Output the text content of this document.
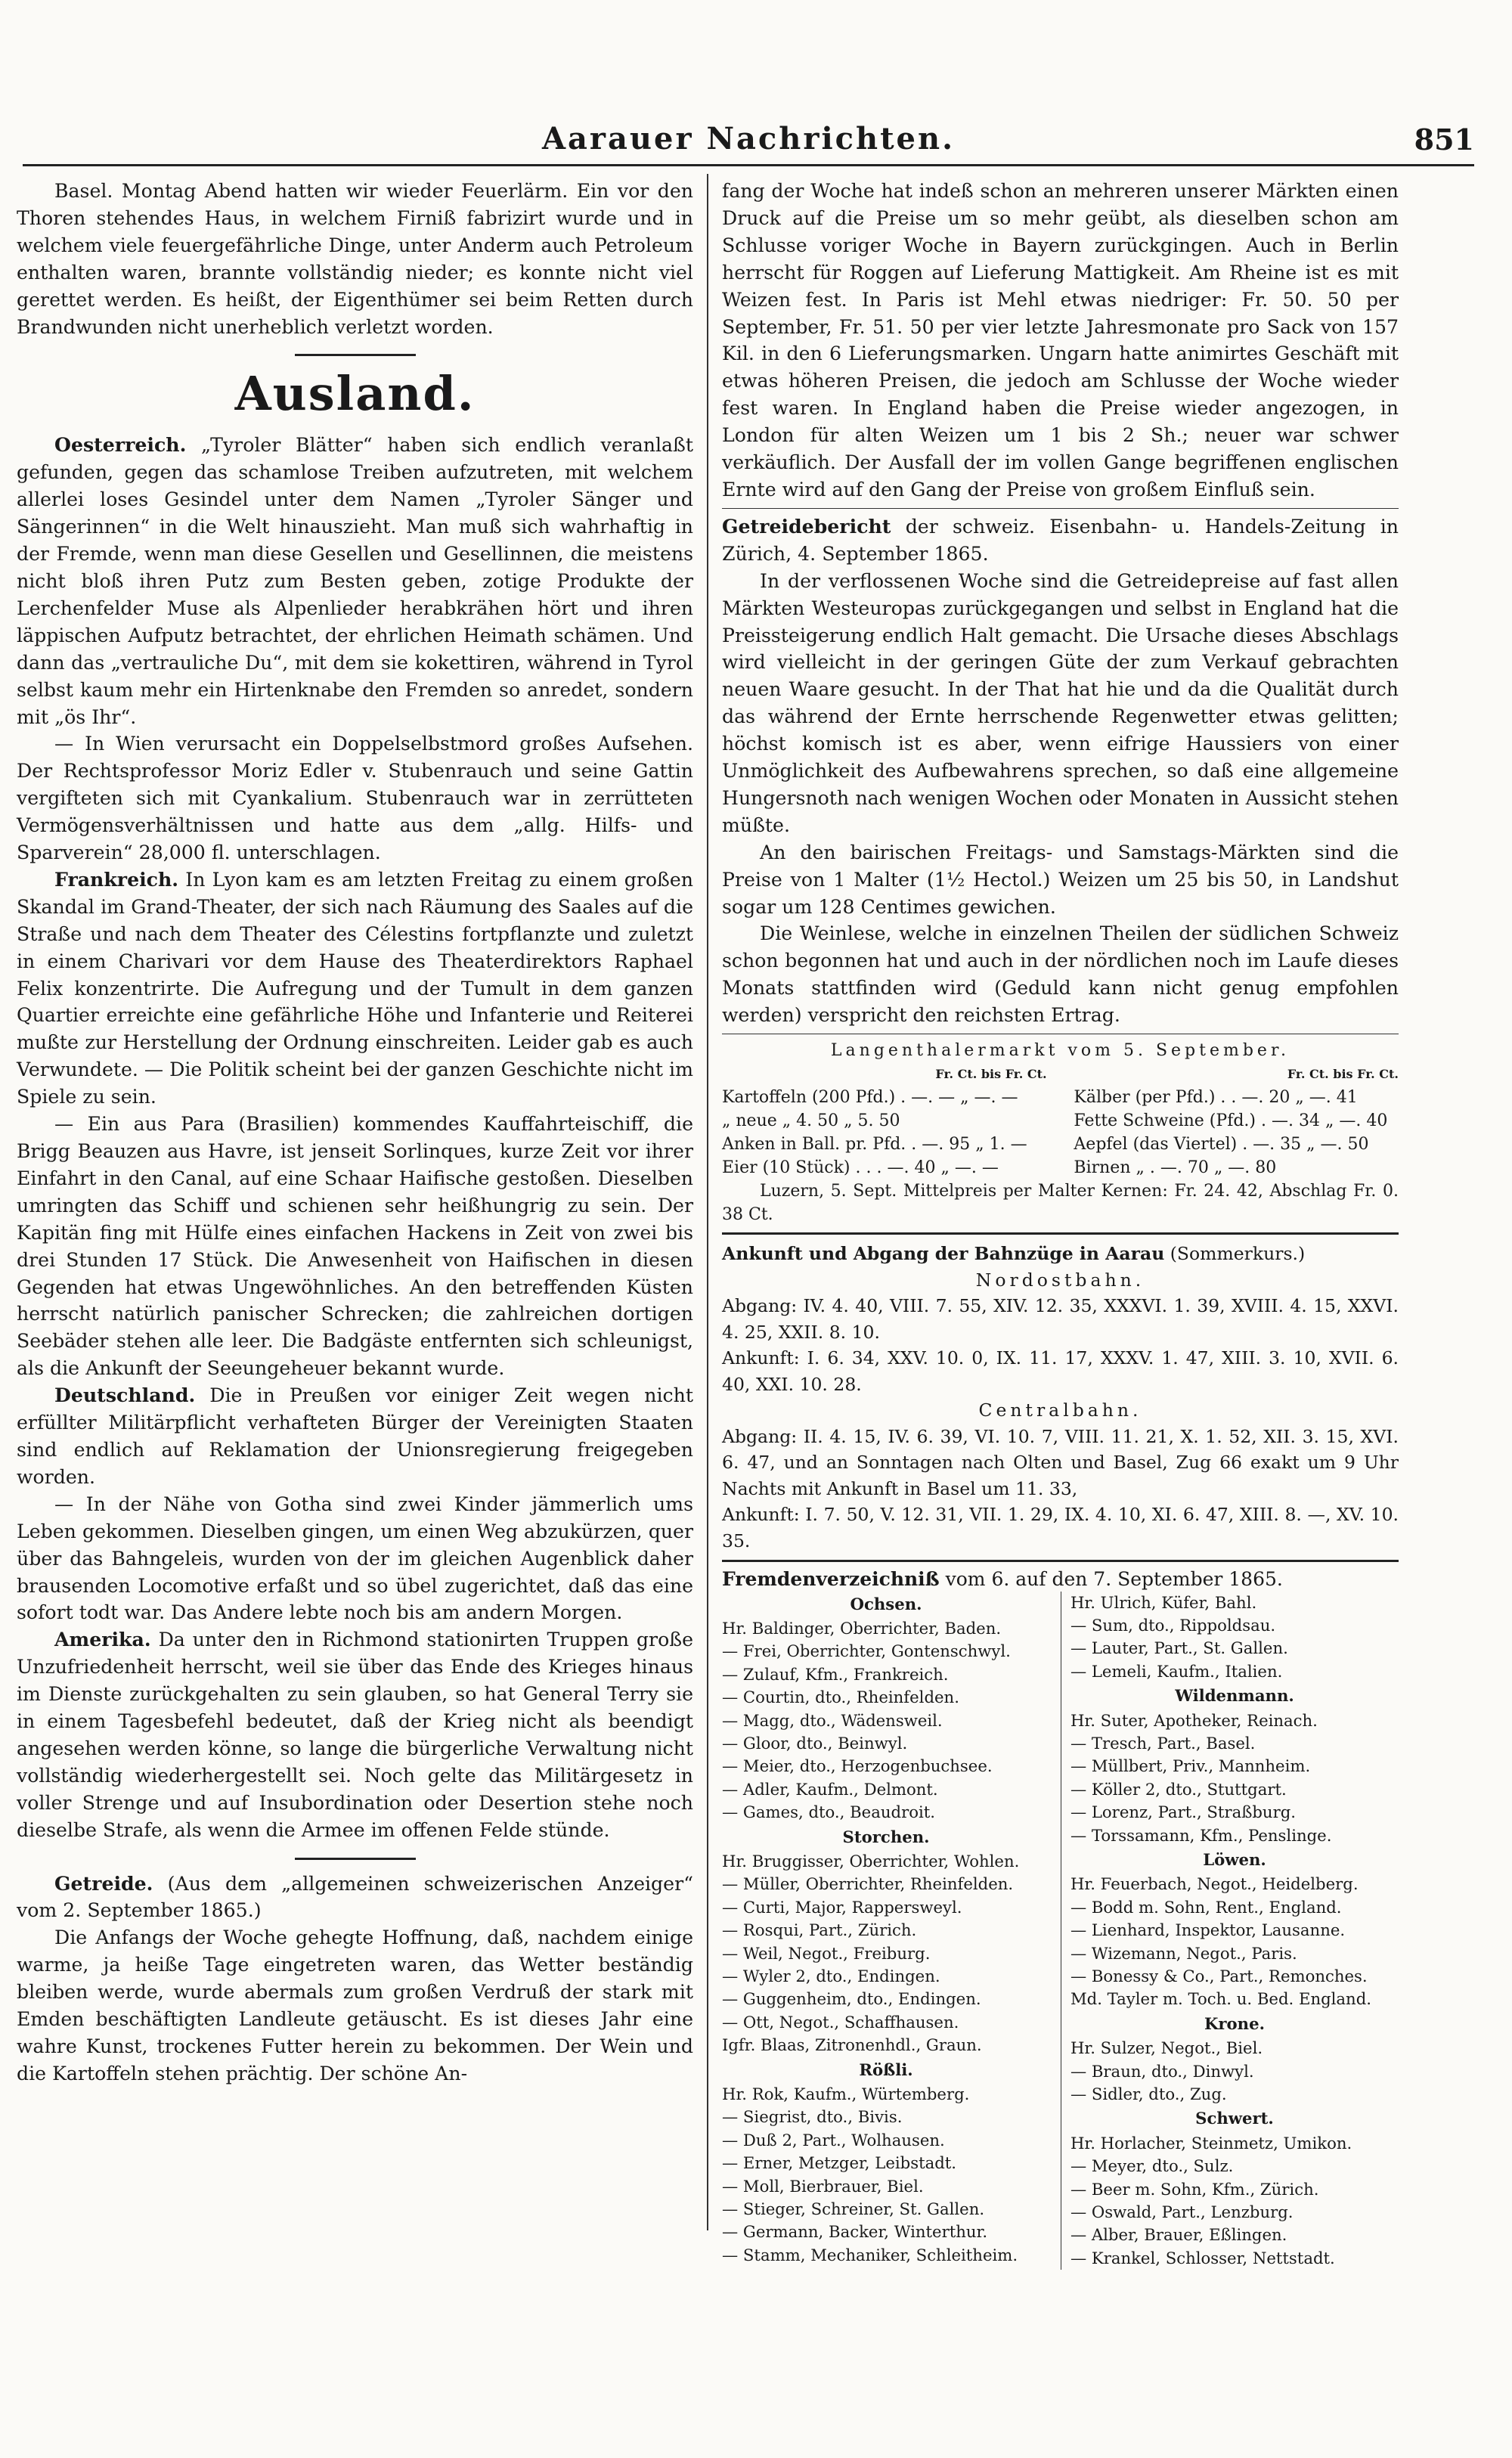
Aarauer Nachrichten.	851

Basel. Montag Abend hatten wir wieder Feuerlärm. Ein vor den Thoren stehendes Haus, in welchem Firniß fabrizirt wurde und in welchem viele feuergefährliche Dinge, unter Anderm auch Petroleum enthalten waren, brannte vollständig nieder; es konnte nicht viel gerettet werden. Es heißt, der Eigenthümer sei beim Retten durch Brandwunden nicht unerheblich verletzt worden.

Ausland.

Oesterreich. „Tyroler Blätter“ haben sich endlich veranlaßt gefunden, gegen das schamlose Treiben aufzutreten, mit welchem allerlei loses Gesindel unter dem Namen „Tyroler Sänger und Sängerinnen“ in die Welt hinauszieht. Man muß sich wahrhaftig in der Fremde, wenn man diese Gesellen und Gesellinnen, die meistens nicht bloß ihren Putz zum Besten geben, zotige Produkte der Lerchenfelder Muse als Alpenlieder herabkrähen hört und ihren läppischen Aufputz betrachtet, der ehrlichen Heimath schämen. Und dann das „vertrauliche Du“, mit dem sie kokettiren, während in Tyrol selbst kaum mehr ein Hirtenknabe den Fremden so anredet, sondern mit „ös Ihr“.

— In Wien verursacht ein Doppelselbstmord großes Aufsehen. Der Rechtsprofessor Moriz Edler v. Stubenrauch und seine Gattin vergifteten sich mit Cyankalium. Stubenrauch war in zerrütteten Vermögensverhältnissen und hatte aus dem „allg. Hilfs- und Sparverein“ 28,000 fl. unterschlagen.

Frankreich. In Lyon kam es am letzten Freitag zu einem großen Skandal im Grand-Theater, der sich nach Räumung des Saales auf die Straße und nach dem Theater des Célestins fortpflanzte und zuletzt in einem Charivari vor dem Hause des Theaterdirektors Raphael Felix konzentrirte. Die Aufregung und der Tumult in dem ganzen Quartier erreichte eine gefährliche Höhe und Infanterie und Reiterei mußte zur Herstellung der Ordnung einschreiten. Leider gab es auch Verwundete. — Die Politik scheint bei der ganzen Geschichte nicht im Spiele zu sein.

— Ein aus Para (Brasilien) kommendes Kauffahrteischiff, die Brigg Beauzen aus Havre, ist jenseit Sorlinques, kurze Zeit vor ihrer Einfahrt in den Canal, auf eine Schaar Haifische gestoßen. Dieselben umringten das Schiff und schienen sehr heißhungrig zu sein. Der Kapitän fing mit Hülfe eines einfachen Hackens in Zeit von zwei bis drei Stunden 17 Stück. Die Anwesenheit von Haifischen in diesen Gegenden hat etwas Ungewöhnliches. An den betreffenden Küsten herrscht natürlich panischer Schrecken; die zahlreichen dortigen Seebäder stehen alle leer. Die Badgäste entfernten sich schleunigst, als die Ankunft der Seeungeheuer bekannt wurde.

Deutschland. Die in Preußen vor einiger Zeit wegen nicht erfüllter Militärpflicht verhafteten Bürger der Vereinigten Staaten sind endlich auf Reklamation der Unionsregierung freigegeben worden.

— In der Nähe von Gotha sind zwei Kinder jämmerlich ums Leben gekommen. Dieselben gingen, um einen Weg abzukürzen, quer über das Bahngeleis, wurden von der im gleichen Augenblick daher brausenden Locomotive erfaßt und so übel zugerichtet, daß das eine sofort todt war. Das Andere lebte noch bis am andern Morgen.

Amerika. Da unter den in Richmond stationirten Truppen große Unzufriedenheit herrscht, weil sie über das Ende des Krieges hinaus im Dienste zurückgehalten zu sein glauben, so hat General Terry sie in einem Tagesbefehl bedeutet, daß der Krieg nicht als beendigt angesehen werden könne, so lange die bürgerliche Verwaltung nicht vollständig wiederhergestellt sei. Noch gelte das Militärgesetz in voller Strenge und auf Insubordination oder Desertion stehe noch dieselbe Strafe, als wenn die Armee im offenen Felde stünde.

Getreide. (Aus dem „allgemeinen schweizerischen Anzeiger“ vom 2. September 1865.)

Die Anfangs der Woche gehegte Hoffnung, daß, nachdem einige warme, ja heiße Tage eingetreten waren, das Wetter beständig bleiben werde, wurde abermals zum großen Verdruß der stark mit Emden beschäftigten Landleute getäuscht. Es ist dieses Jahr eine wahre Kunst, trockenes Futter herein zu bekommen. Der Wein und die Kartoffeln stehen prächtig. Der schöne An-

fang der Woche hat indeß schon an mehreren unserer Märkten einen Druck auf die Preise um so mehr geübt, als dieselben schon am Schlusse voriger Woche in Bayern zurückgingen. Auch in Berlin herrscht für Roggen auf Lieferung Mattigkeit. Am Rheine ist es mit Weizen fest. In Paris ist Mehl etwas niedriger: Fr. 50. 50 per September, Fr. 51. 50 per vier letzte Jahresmonate pro Sack von 157 Kil. in den 6 Lieferungsmarken. Ungarn hatte animirtes Geschäft mit etwas höheren Preisen, die jedoch am Schlusse der Woche wieder fest waren. In England haben die Preise wieder angezogen, in London für alten Weizen um 1 bis 2 Sh.; neuer war schwer verkäuflich. Der Ausfall der im vollen Gange begriffenen englischen Ernte wird auf den Gang der Preise von großem Einfluß sein.

Getreidebericht der schweiz. Eisenbahn- u. Handels-Zeitung in Zürich, 4. September 1865.

In der verflossenen Woche sind die Getreidepreise auf fast allen Märkten Westeuropas zurückgegangen und selbst in England hat die Preissteigerung endlich Halt gemacht. Die Ursache dieses Abschlags wird vielleicht in der geringen Güte der zum Verkauf gebrachten neuen Waare gesucht. In der That hat hie und da die Qualität durch das während der Ernte herrschende Regenwetter etwas gelitten; höchst komisch ist es aber, wenn eifrige Haussiers von einer Unmöglichkeit des Aufbewahrens sprechen, so daß eine allgemeine Hungersnoth nach wenigen Wochen oder Monaten in Aussicht stehen müßte.

An den bairischen Freitags- und Samstags-Märkten sind die Preise von 1 Malter (1½ Hectol.) Weizen um 25 bis 50, in Landshut sogar um 128 Centimes gewichen.

Die Weinlese, welche in einzelnen Theilen der südlichen Schweiz schon begonnen hat und auch in der nördlichen noch im Laufe dieses Monats stattfinden wird (Geduld kann nicht genug empfohlen werden) verspricht den reichsten Ertrag.

Langenthalermarkt vom 5. September.
Fr. Ct. bis Fr. Ct.	Fr. Ct. bis Fr. Ct.
Kartoffeln (200 Pfd.) . —. — „ —. —
„ neue „ 4. 50 „ 5. 50
Anken in Ball. pr. Pfd. . —. 95 „ 1. —
Eier (10 Stück) . . . —. 40 „ —. —
Kälber (per Pfd.) . . —. 20 „ —. 41
Fette Schweine (Pfd.) . —. 34 „ —. 40
Aepfel (das Viertel) . —. 35 „ —. 50
Birnen „ . —. 70 „ —. 80

Luzern, 5. Sept. Mittelpreis per Malter Kernen: Fr. 24. 42, Abschlag Fr. 0. 38 Ct.

Ankunft und Abgang der Bahnzüge in Aarau (Sommerkurs.)
Nordostbahn.

Abgang: IV. 4. 40, VIII. 7. 55, XIV. 12. 35, XXXVI. 1. 39, XVIII. 4. 15, XXVI. 4. 25, XXII. 8. 10.

Ankunft: I. 6. 34, XXV. 10. 0, IX. 11. 17, XXXV. 1. 47, XIII. 3. 10, XVII. 6. 40, XXI. 10. 28.

Centralbahn.

Abgang: II. 4. 15, IV. 6. 39, VI. 10. 7, VIII. 11. 21, X. 1. 52, XII. 3. 15, XVI. 6. 47, und an Sonntagen nach Olten und Basel, Zug 66 exakt um 9 Uhr Nachts mit Ankunft in Basel um 11. 33,

Ankunft: I. 7. 50, V. 12. 31, VII. 1. 29, IX. 4. 10, XI. 6. 47, XIII. 8. —, XV. 10. 35.

Fremdenverzeichniß vom 6. auf den 7. September 1865.
Ochsen.
Hr. Baldinger, Oberrichter, Baden.
— Frei, Oberrichter, Gontenschwyl.
— Zulauf, Kfm., Frankreich.
— Courtin, dto., Rheinfelden.
— Magg, dto., Wädensweil.
— Gloor, dto., Beinwyl.
— Meier, dto., Herzogenbuchsee.
— Adler, Kaufm., Delmont.
— Games, dto., Beaudroit.
Storchen.
Hr. Bruggisser, Oberrichter, Wohlen.
— Müller, Oberrichter, Rheinfelden.
— Curti, Major, Rappersweyl.
— Rosqui, Part., Zürich.
— Weil, Negot., Freiburg.
— Wyler 2, dto., Endingen.
— Guggenheim, dto., Endingen.
— Ott, Negot., Schaffhausen.
Igfr. Blaas, Zitronenhdl., Graun.
Rößli.
Hr. Rok, Kaufm., Würtemberg.
— Siegrist, dto., Bivis.
— Duß 2, Part., Wolhausen.
— Erner, Metzger, Leibstadt.
— Moll, Bierbrauer, Biel.
— Stieger, Schreiner, St. Gallen.
— Germann, Backer, Winterthur.
— Stamm, Mechaniker, Schleitheim.
Hr. Ulrich, Küfer, Bahl.
— Sum, dto., Rippoldsau.
— Lauter, Part., St. Gallen.
— Lemeli, Kaufm., Italien.
Wildenmann.
Hr. Suter, Apotheker, Reinach.
— Tresch, Part., Basel.
— Müllbert, Priv., Mannheim.
— Köller 2, dto., Stuttgart.
— Lorenz, Part., Straßburg.
— Torssamann, Kfm., Penslinge.
Löwen.
Hr. Feuerbach, Negot., Heidelberg.
— Bodd m. Sohn, Rent., England.
— Lienhard, Inspektor, Lausanne.
— Wizemann, Negot., Paris.
— Bonessy & Co., Part., Remonches.
Md. Tayler m. Toch. u. Bed. England.
Krone.
Hr. Sulzer, Negot., Biel.
— Braun, dto., Dinwyl.
— Sidler, dto., Zug.
Schwert.
Hr. Horlacher, Steinmetz, Umikon.
— Meyer, dto., Sulz.
— Beer m. Sohn, Kfm., Zürich.
— Oswald, Part., Lenzburg.
— Alber, Brauer, Eßlingen.
— Krankel, Schlosser, Nettstadt.
